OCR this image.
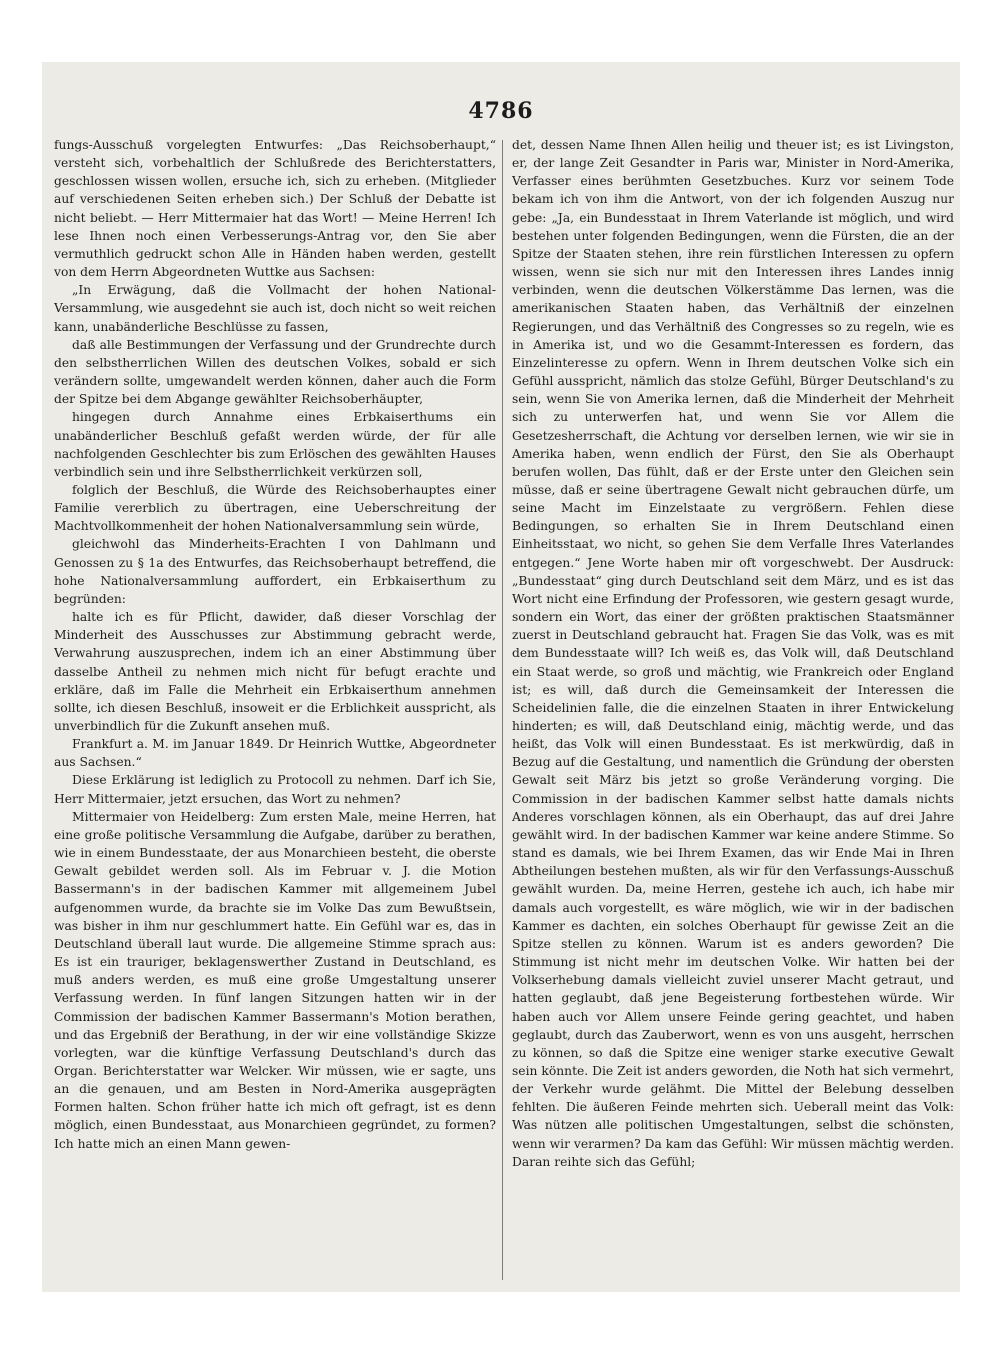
4786

fungs-Ausschuß vorgelegten Entwurfes: „Das Reichsoberhaupt,“ versteht sich, vorbehaltlich der Schlußrede des Berichterstatters, geschlossen wissen wollen, ersuche ich, sich zu erheben. (Mitglieder auf verschiedenen Seiten erheben sich.) Der Schluß der Debatte ist nicht beliebt. — Herr Mittermaier hat das Wort! — Meine Herren! Ich lese Ihnen noch einen Verbesserungs-Antrag vor, den Sie aber vermuthlich gedruckt schon Alle in Händen haben werden, gestellt von dem Herrn Abgeordneten Wuttke aus Sachsen:

„In Erwägung, daß die Vollmacht der hohen National-Versammlung, wie ausgedehnt sie auch ist, doch nicht so weit reichen kann, unabänderliche Beschlüsse zu fassen,

daß alle Bestimmungen der Verfassung und der Grundrechte durch den selbstherrlichen Willen des deutschen Volkes, sobald er sich verändern sollte, umgewandelt werden können, daher auch die Form der Spitze bei dem Abgange gewählter Reichsoberhäupter,

hingegen durch Annahme eines Erbkaiserthums ein unabänderlicher Beschluß gefaßt werden würde, der für alle nachfolgenden Geschlechter bis zum Erlöschen des gewählten Hauses verbindlich sein und ihre Selbstherrlichkeit verkürzen soll,

folglich der Beschluß, die Würde des Reichsoberhauptes einer Familie vererblich zu übertragen, eine Ueberschreitung der Machtvollkommenheit der hohen Nationalversammlung sein würde,

gleichwohl das Minderheits-Erachten I von Dahlmann und Genossen zu § 1a des Entwurfes, das Reichsoberhaupt betreffend, die hohe Nationalversammlung auffordert, ein Erbkaiserthum zu begründen:

halte ich es für Pflicht, dawider, daß dieser Vorschlag der Minderheit des Ausschusses zur Abstimmung gebracht werde, Verwahrung auszusprechen, indem ich an einer Abstimmung über dasselbe Antheil zu nehmen mich nicht für befugt erachte und erkläre, daß im Falle die Mehrheit ein Erbkaiserthum annehmen sollte, ich diesen Beschluß, insoweit er die Erblichkeit ausspricht, als unverbindlich für die Zukunft ansehen muß.

Frankfurt a. M. im Januar 1849. Dr Heinrich Wuttke, Abgeordneter aus Sachsen.“

Diese Erklärung ist lediglich zu Protocoll zu nehmen. Darf ich Sie, Herr Mittermaier, jetzt ersuchen, das Wort zu nehmen?

Mittermaier von Heidelberg: Zum ersten Male, meine Herren, hat eine große politische Versammlung die Aufgabe, darüber zu berathen, wie in einem Bundesstaate, der aus Monarchieen besteht, die oberste Gewalt gebildet werden soll. Als im Februar v. J. die Motion Bassermann's in der badischen Kammer mit allgemeinem Jubel aufgenommen wurde, da brachte sie im Volke Das zum Bewußtsein, was bisher in ihm nur geschlummert hatte. Ein Gefühl war es, das in Deutschland überall laut wurde. Die allgemeine Stimme sprach aus: Es ist ein trauriger, beklagenswerther Zustand in Deutschland, es muß anders werden, es muß eine große Umgestaltung unserer Verfassung werden. In fünf langen Sitzungen hatten wir in der Commission der badischen Kammer Bassermann's Motion berathen, und das Ergebniß der Berathung, in der wir eine vollständige Skizze vorlegten, war die künftige Verfassung Deutschland's durch das Organ. Berichterstatter war Welcker. Wir müssen, wie er sagte, uns an die genauen, und am Besten in Nord-Amerika ausgeprägten Formen halten. Schon früher hatte ich mich oft gefragt, ist es denn möglich, einen Bundesstaat, aus Monarchieen gegründet, zu formen? Ich hatte mich an einen Mann gewen-

det, dessen Name Ihnen Allen heilig und theuer ist; es ist Livingston, er, der lange Zeit Gesandter in Paris war, Minister in Nord-Amerika, Verfasser eines berühmten Gesetzbuches. Kurz vor seinem Tode bekam ich von ihm die Antwort, von der ich folgenden Auszug nur gebe: „Ja, ein Bundesstaat in Ihrem Vaterlande ist möglich, und wird bestehen unter folgenden Bedingungen, wenn die Fürsten, die an der Spitze der Staaten stehen, ihre rein fürstlichen Interessen zu opfern wissen, wenn sie sich nur mit den Interessen ihres Landes innig verbinden, wenn die deutschen Völkerstämme Das lernen, was die amerikanischen Staaten haben, das Verhältniß der einzelnen Regierungen, und das Verhältniß des Congresses so zu regeln, wie es in Amerika ist, und wo die Gesammt-Interessen es fordern, das Einzelinteresse zu opfern. Wenn in Ihrem deutschen Volke sich ein Gefühl ausspricht, nämlich das stolze Gefühl, Bürger Deutschland's zu sein, wenn Sie von Amerika lernen, daß die Minderheit der Mehrheit sich zu unterwerfen hat, und wenn Sie vor Allem die Gesetzesherrschaft, die Achtung vor derselben lernen, wie wir sie in Amerika haben, wenn endlich der Fürst, den Sie als Oberhaupt berufen wollen, Das fühlt, daß er der Erste unter den Gleichen sein müsse, daß er seine übertragene Gewalt nicht gebrauchen dürfe, um seine Macht im Einzelstaate zu vergrößern. Fehlen diese Bedingungen, so erhalten Sie in Ihrem Deutschland einen Einheitsstaat, wo nicht, so gehen Sie dem Verfalle Ihres Vaterlandes entgegen.“ Jene Worte haben mir oft vorgeschwebt. Der Ausdruck: „Bundesstaat“ ging durch Deutschland seit dem März, und es ist das Wort nicht eine Erfindung der Professoren, wie gestern gesagt wurde, sondern ein Wort, das einer der größten praktischen Staatsmänner zuerst in Deutschland gebraucht hat. Fragen Sie das Volk, was es mit dem Bundesstaate will? Ich weiß es, das Volk will, daß Deutschland ein Staat werde, so groß und mächtig, wie Frankreich oder England ist; es will, daß durch die Gemeinsamkeit der Interessen die Scheidelinien falle, die die einzelnen Staaten in ihrer Entwickelung hinderten; es will, daß Deutschland einig, mächtig werde, und das heißt, das Volk will einen Bundesstaat. Es ist merkwürdig, daß in Bezug auf die Gestaltung, und namentlich die Gründung der obersten Gewalt seit März bis jetzt so große Veränderung vorging. Die Commission in der badischen Kammer selbst hatte damals nichts Anderes vorschlagen können, als ein Oberhaupt, das auf drei Jahre gewählt wird. In der badischen Kammer war keine andere Stimme. So stand es damals, wie bei Ihrem Examen, das wir Ende Mai in Ihren Abtheilungen bestehen mußten, als wir für den Verfassungs-Ausschuß gewählt wurden. Da, meine Herren, gestehe ich auch, ich habe mir damals auch vorgestellt, es wäre möglich, wie wir in der badischen Kammer es dachten, ein solches Oberhaupt für gewisse Zeit an die Spitze stellen zu können. Warum ist es anders geworden? Die Stimmung ist nicht mehr im deutschen Volke. Wir hatten bei der Volkserhebung damals vielleicht zuviel unserer Macht getraut, und hatten geglaubt, daß jene Begeisterung fortbestehen würde. Wir haben auch vor Allem unsere Feinde gering geachtet, und haben geglaubt, durch das Zauberwort, wenn es von uns ausgeht, herrschen zu können, so daß die Spitze eine weniger starke executive Gewalt sein könnte. Die Zeit ist anders geworden, die Noth hat sich vermehrt, der Verkehr wurde gelähmt. Die Mittel der Belebung desselben fehlten. Die äußeren Feinde mehrten sich. Ueberall meint das Volk: Was nützen alle politischen Umgestaltungen, selbst die schönsten, wenn wir verarmen? Da kam das Gefühl: Wir müssen mächtig werden. Daran reihte sich das Gefühl;
